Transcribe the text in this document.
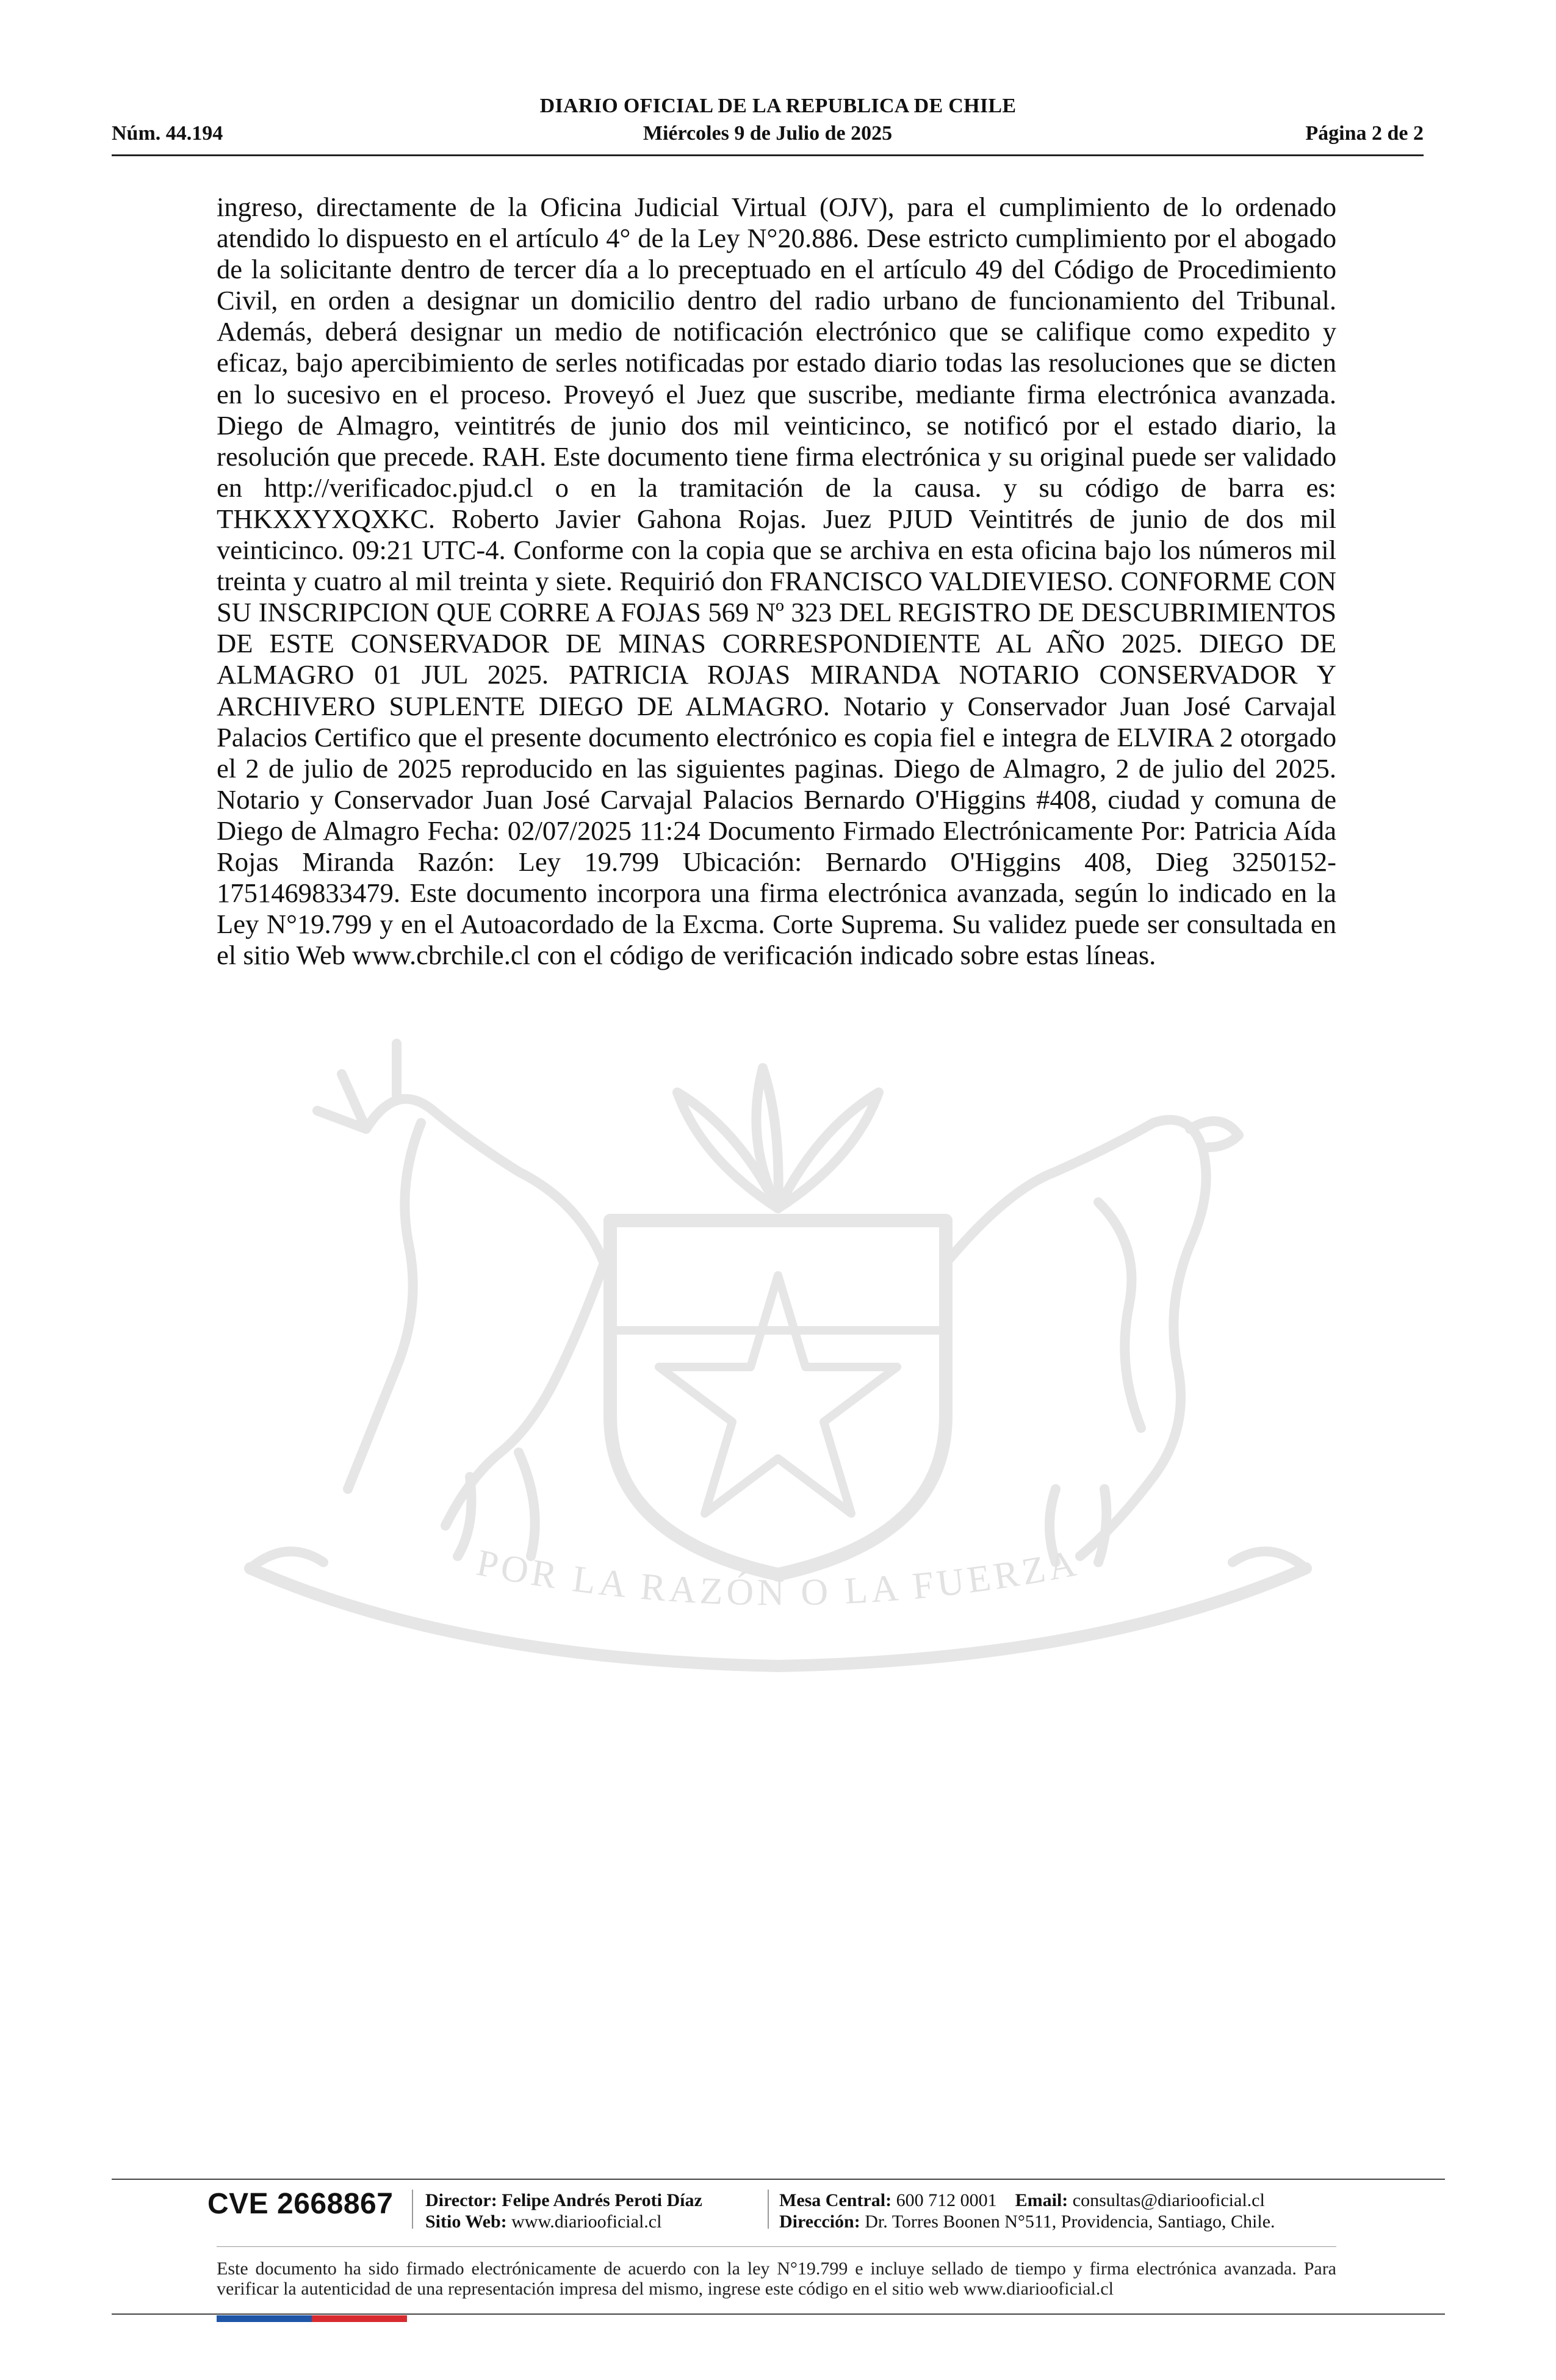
DIARIO OFICIAL DE LA REPUBLICA DE CHILE
Núm. 44.194	Miércoles 9 de Julio de 2025	Página 2 de 2
POR LA RAZÓN O LA FUERZA
ingreso, directamente de la Oficina Judicial Virtual (OJV), para el cumplimiento de lo ordenado atendido lo dispuesto en el artículo 4° de la Ley N°20.886. Dese estricto cumplimiento por el abogado de la solicitante dentro de tercer día a lo preceptuado en el artículo 49 del Código de Procedimiento Civil, en orden a designar un domicilio dentro del radio urbano de funcionamiento del Tribunal. Además, deberá designar un medio de notificación electrónico que se califique como expedito y eficaz, bajo apercibimiento de serles notificadas por estado diario todas las resoluciones que se dicten en lo sucesivo en el proceso. Proveyó el Juez que suscribe, mediante firma electrónica avanzada. Diego de Almagro, veintitrés de junio dos mil veinticinco, se notificó por el estado diario, la resolución que precede. RAH. Este documento tiene firma electrónica y su original puede ser validado en http://verificadoc.pjud.cl o en la tramitación de la causa. y su código de barra es: THKXXYXQXKC. Roberto Javier Gahona Rojas. Juez PJUD Veintitrés de junio de dos mil veinticinco. 09:21 UTC-4. Conforme con la copia que se archiva en esta oficina bajo los números mil treinta y cuatro al mil treinta y siete. Requirió don FRANCISCO VALDIEVIESO. CONFORME CON SU INSCRIPCION QUE CORRE A FOJAS 569 Nº 323 DEL REGISTRO DE DESCUBRIMIENTOS DE ESTE CONSERVADOR DE MINAS CORRESPONDIENTE AL AÑO 2025. DIEGO DE ALMAGRO 01 JUL 2025. PATRICIA ROJAS MIRANDA NOTARIO CONSERVADOR Y ARCHIVERO SUPLENTE DIEGO DE ALMAGRO. Notario y Conservador Juan José Carvajal Palacios Certifico que el presente documento electrónico es copia fiel e integra de ELVIRA 2 otorgado el 2 de julio de 2025 reproducido en las siguientes paginas. Diego de Almagro, 2 de julio del 2025. Notario y Conservador Juan José Carvajal Palacios Bernardo O'Higgins #408, ciudad y comuna de Diego de Almagro Fecha: 02/07/2025 11:24 Documento Firmado Electrónicamente Por: Patricia Aída Rojas Miranda Razón: Ley 19.799 Ubicación: Bernardo O'Higgins 408, Dieg 3250152-1751469833479. Este documento incorpora una firma electrónica avanzada, según lo indicado en la Ley N°19.799 y en el Autoacordado de la Excma. Corte Suprema. Su validez puede ser consultada en el sitio Web www.cbrchile.cl con el código de verificación indicado sobre estas líneas.
CVE 2668867 Director: Felipe Andrés Peroti Díaz
Sitio Web: www.diariooficial.cl
Mesa Central: 600 712 0001 Email: consultas@diariooficial.cl
Dirección: Dr. Torres Boonen N°511, Providencia, Santiago, Chile.
Este documento ha sido firmado electrónicamente de acuerdo con la ley N°19.799 e incluye sellado de tiempo y firma electrónica avanzada. Para verificar la autenticidad de una representación impresa del mismo, ingrese este código en el sitio web www.diariooficial.cl
